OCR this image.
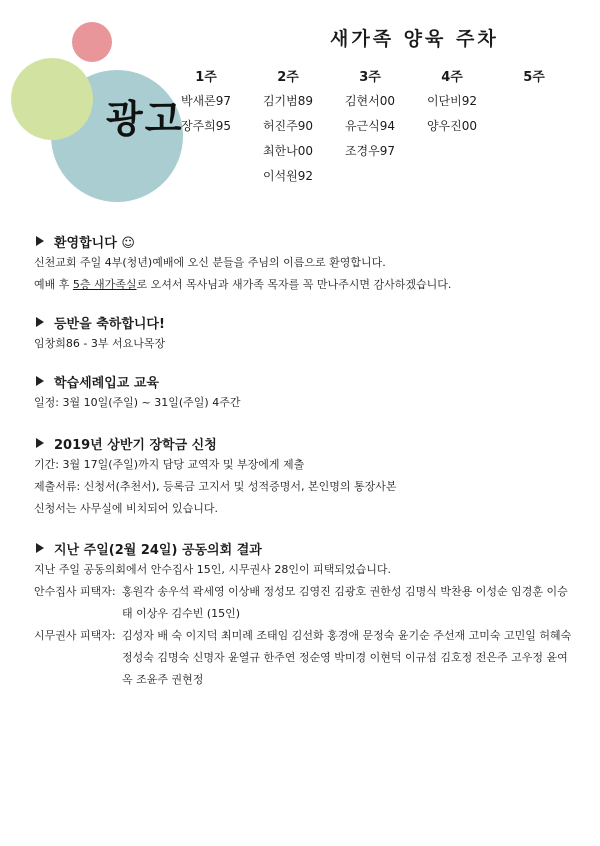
광고
새가족 양육 주차
1주
박새론97
장주희95
2주
김기범89
허진주90
최한나00
이석원92
3주
김현서00
유근식94
조경우97
4주
이단비92
양우진00
5주
환영합니다 ☺
신천교회 주일 4부(청년)예배에 오신 분들을 주님의 이름으로 환영합니다.
예배 후 5층 새가족실로 오셔서 목사님과 새가족 목자를 꼭 만나주시면 감사하겠습니다.
등반을 축하합니다!
임창희86 - 3부 서요나목장
학습세례입교 교육
일정: 3월 10일(주일) ~ 31일(주일) 4주간
2019년 상반기 장학금 신청
기간: 3월 17일(주일)까지 담당 교역자 및 부장에게 제출
제출서류: 신청서(추천서), 등록금 고지서 및 성적증명서, 본인명의 통장사본
신청서는 사무실에 비치되어 있습니다.
지난 주일(2월 24일) 공동의회 결과
지난 주일 공동의회에서 안수집사 15인, 시무권사 28인이 피택되었습니다.
안수집사 피택자: 홍원각 송우석 곽세영 이상배 정성모 김영진 김광호 권한성 김명식 박찬용 이성순 임경훈 이승태 이상우 김수빈 (15인)
시무권사 피택자: 김성자 배 숙 이지덕 최미례 조태임 김선화 홍경애 문정숙 윤기순 주선재 고미숙 고민일 허혜숙 정성숙 김명숙 신명자 윤열규 한주연 정순영 박미경 이현덕 이규섬 김호정 전은주 고우정 윤여옥 조윤주 권현정
